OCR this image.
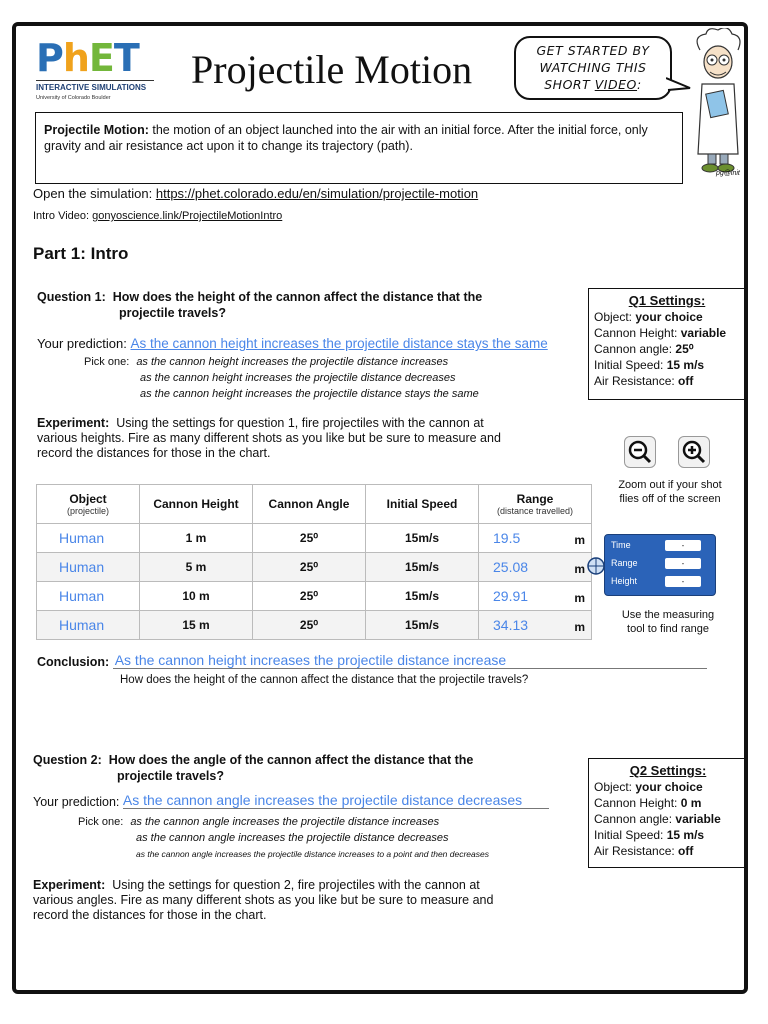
PhET
INTERACTIVE SIMULATIONS
University of Colorado Boulder
Projectile Motion	GET STARTED BY
WATCHING THIS
SHORT VIDEO:
pg@lnit
Projectile Motion: the motion of an object launched into the air with an initial force. After the initial force, only gravity and air resistance act upon it to change its trajectory (path).
Open the simulation: https://phet.colorado.edu/en/simulation/projectile-motion
Intro Video: gonyoscience.link/ProjectileMotionIntro
Part 1: Intro
Question 1: How does the height of the cannon affect the distance that the
projectile travels?
Your prediction: As the cannon height increases the projectile distance stays the same
Pick one: as the cannon height increases the projectile distance increases
as the cannon height increases the projectile distance decreases
as the cannon height increases the projectile distance stays the same
Q1 Settings:
Object: your choice
Cannon Height: variable
Cannon angle: 25⁰
Initial Speed: 15 m/s
Air Resistance: off
Experiment: Using the settings for question 1, fire projectiles with the cannon at
various heights. Fire as many different shots as you like but be sure to measure and
record the distances for those in the chart.
Zoom out if your shot
flies off of the screen
Object
(projectile)	Cannon Height	Cannon Angle	Initial Speed	Range
(distance travelled)

Human	1 m	25⁰	15m/s	19.5 m

Human	5 m	25⁰	15m/s	25.08 m

Human	10 m	25⁰	15m/s	29.91 m

Human	15 m	25⁰	15m/s	34.13 m
Time	-
Range	-
Height	-
Use the measuring
tool to find range
Conclusion: As the cannon height increases the projectile distance increase
How does the height of the cannon affect the distance that the projectile travels?
Question 2: How does the angle of the cannon affect the distance that the
projectile travels?
Your prediction: As the cannon angle increases the projectile distance decreases
Pick one: as the cannon angle increases the projectile distance increases
as the cannon angle increases the projectile distance decreases
as the cannon angle increases the projectile distance increases to a point and then decreases
Q2 Settings:
Object: your choice
Cannon Height: 0 m
Cannon angle: variable
Initial Speed: 15 m/s
Air Resistance: off
Experiment: Using the settings for question 2, fire projectiles with the cannon at
various angles. Fire as many different shots as you like but be sure to measure and
record the distances for those in the chart.
